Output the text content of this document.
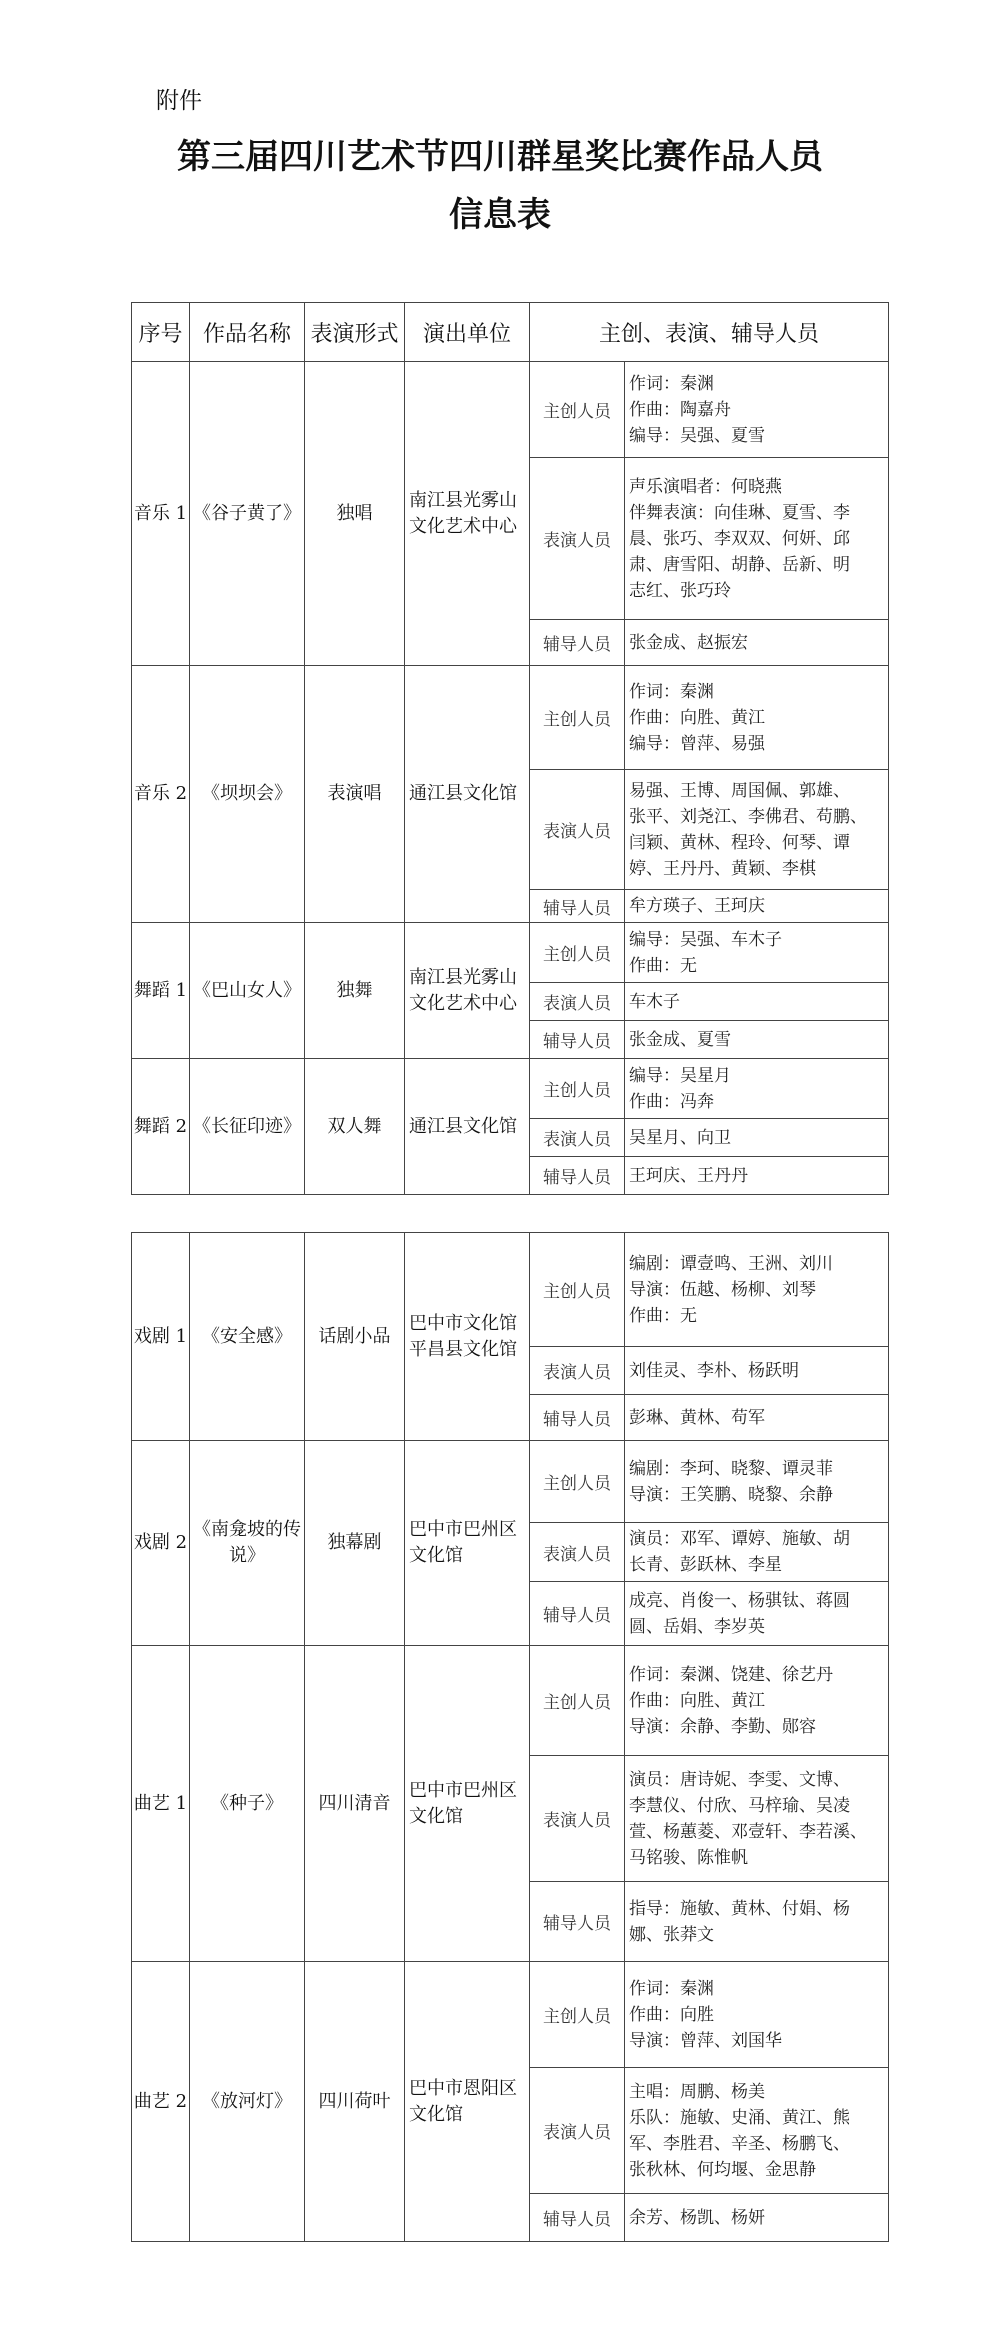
附件
第三届四川艺术节四川群星奖比赛作品人员
信息表
序号	作品名称	表演形式	演出单位	主创、表演、辅导人员	
音乐 1	《谷子黄了》	独唱	南江县光雾山
文化艺术中心	主创人员	作词：秦渊
作曲：陶嘉舟
编导：吴强、夏雪

				表演人员	声乐演唱者：何晓燕
伴舞表演：向佳琳、夏雪、李
晨、张巧、李双双、何妍、邱
肃、唐雪阳、胡静、岳新、明
志红、张巧玲

				辅导人员	张金成、赵振宏

音乐 2	《坝坝会》	表演唱	通江县文化馆	主创人员	作词：秦渊
作曲：向胜、黄江
编导：曾萍、易强

				表演人员	易强、王博、周国佩、郭雄、
张平、刘尧江、李佛君、苟鹏、
闫颖、黄林、程玲、何琴、谭
婷、王丹丹、黄颖、李棋

				辅导人员	牟方瑛子、王珂庆

舞蹈 1	《巴山女人》	独舞	南江县光雾山
文化艺术中心	主创人员	编导：吴强、车木子
作曲：无

				表演人员	车木子

				辅导人员	张金成、夏雪

舞蹈 2	《长征印迹》	双人舞	通江县文化馆	主创人员	编导：吴星月
作曲：冯奔

				表演人员	吴星月、向卫

				辅导人员	王珂庆、王丹丹
戏剧 1	《安全感》	话剧小品	巴中市文化馆
平昌县文化馆	主创人员	编剧：谭壹鸣、王洲、刘川
导演：伍越、杨柳、刘琴
作曲：无

				表演人员	刘佳灵、李朴、杨跃明

				辅导人员	彭琳、黄林、苟军

戏剧 2	《南龛坡的传说》	独幕剧	巴中市巴州区
文化馆	主创人员	编剧：李珂、晓黎、谭灵菲
导演：王笑鹏、晓黎、余静

				表演人员	演员：邓军、谭婷、施敏、胡
长青、彭跃林、李星

				辅导人员	成亮、肖俊一、杨骐钛、蒋圆
圆、岳娟、李岁英

曲艺 1	《种子》	四川清音	巴中市巴州区
文化馆	主创人员	作词：秦渊、饶建、徐艺丹
作曲：向胜、黄江
导演：余静、李勤、郧容

				表演人员	演员：唐诗妮、李雯、文博、
李慧仪、付欣、马梓瑜、吴凌
萱、杨蕙菱、邓壹轩、李若溪、
马铭骏、陈惟帆

				辅导人员	指导：施敏、黄林、付娟、杨
娜、张莽文

曲艺 2	《放河灯》	四川荷叶	巴中市恩阳区
文化馆	主创人员	作词：秦渊
作曲：向胜
导演：曾萍、刘国华

				表演人员	主唱：周鹏、杨美
乐队：施敏、史涌、黄江、熊
军、李胜君、辛圣、杨鹏飞、
张秋林、何均堰、金思静

				辅导人员	余芳、杨凯、杨妍
